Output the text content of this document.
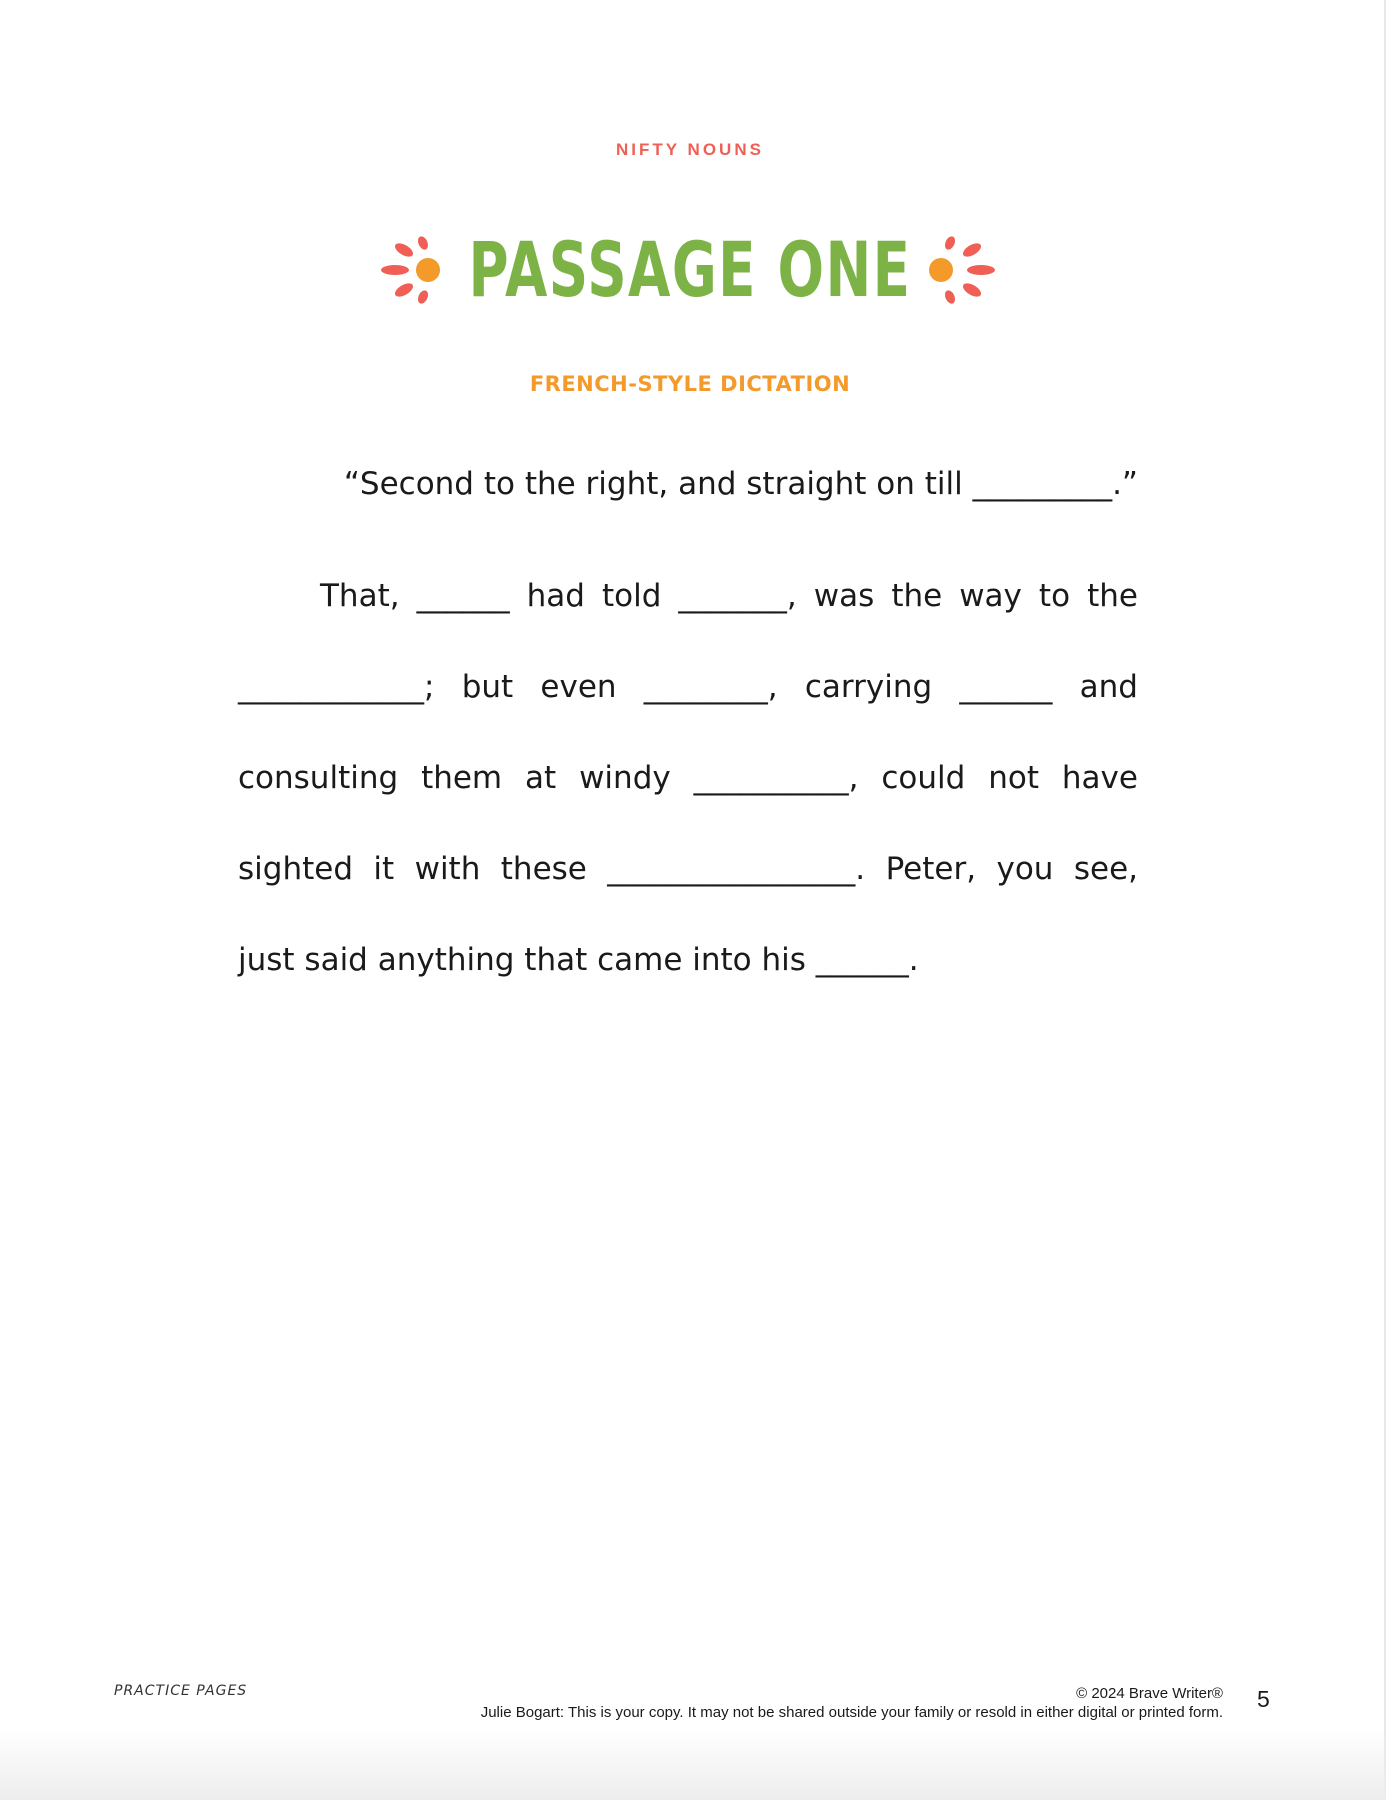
NIFTY NOUNS
PASSAGE ONE
FRENCH-STYLE DICTATION
“Second to the right, and straight on till _________.”
That, ______ had told _______, was the way to the
____________; but even ________, carrying ______ and
consulting them at windy __________, could not have
sighted it with these ________________. Peter, you see,
just said anything that came into his ______.
PRACTICE PAGES	© 2024 Brave Writer®
Julie Bogart: This is your copy. It may not be shared outside your family or resold in either digital or printed form.
5
